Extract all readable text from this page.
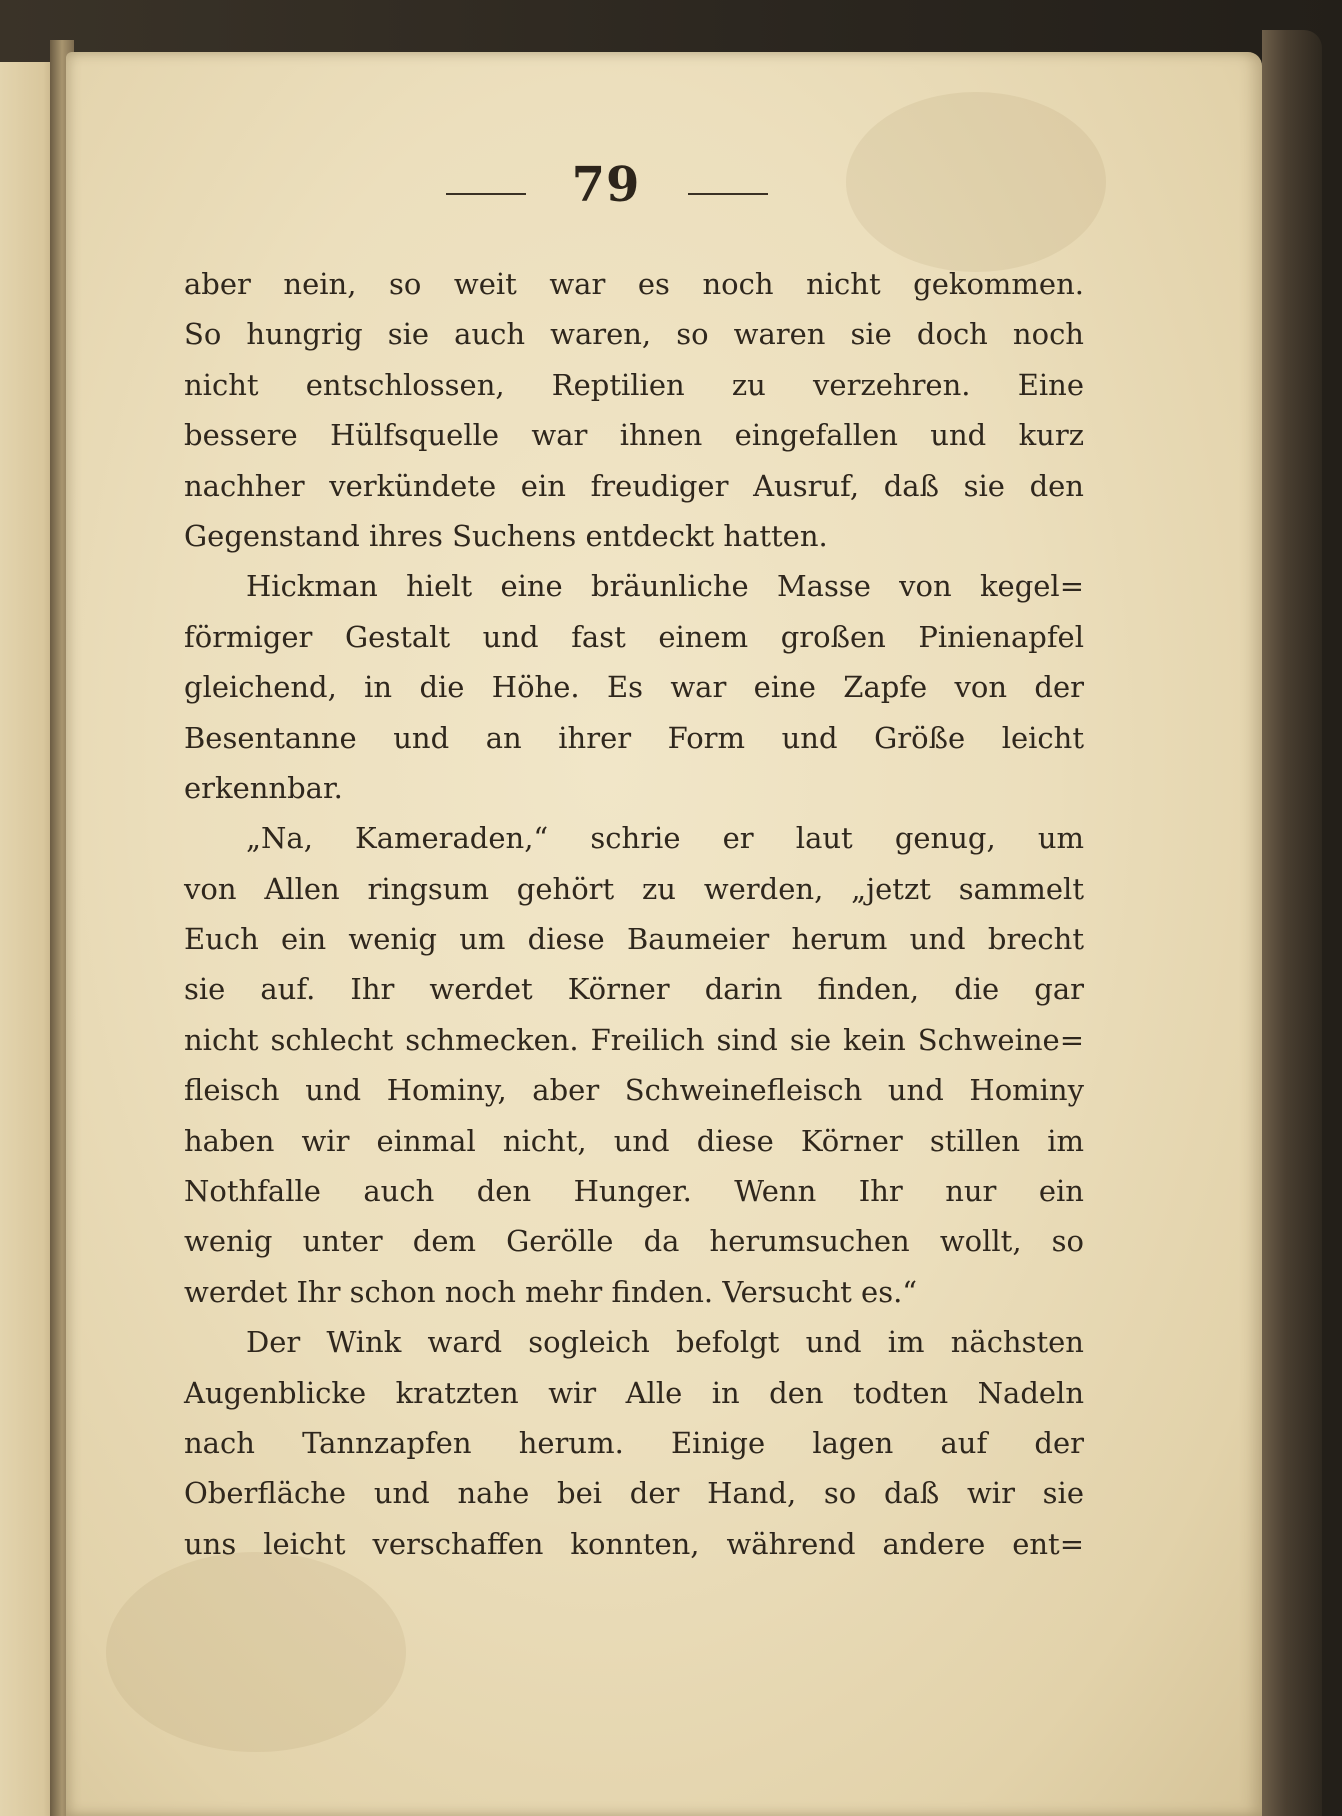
79
aber nein, so weit war es noch nicht gekommen.
So hungrig sie auch waren, so waren sie doch noch
nicht entschlossen, Reptilien zu verzehren. Eine
bessere Hülfsquelle war ihnen eingefallen und kurz
nachher verkündete ein freudiger Ausruf, daß sie den
Gegenstand ihres Suchens entdeckt hatten.
Hickman hielt eine bräunliche Masse von kegel=
förmiger Gestalt und fast einem großen Pinienapfel
gleichend, in die Höhe. Es war eine Zapfe von der
Besentanne und an ihrer Form und Größe leicht
erkennbar.
„Na, Kameraden,“ schrie er laut genug, um
von Allen ringsum gehört zu werden, „jetzt sammelt
Euch ein wenig um diese Baumeier herum und brecht
sie auf. Ihr werdet Körner darin finden, die gar
nicht schlecht schmecken. Freilich sind sie kein Schweine=
fleisch und Hominy, aber Schweinefleisch und Hominy
haben wir einmal nicht, und diese Körner stillen im
Nothfalle auch den Hunger. Wenn Ihr nur ein
wenig unter dem Gerölle da herumsuchen wollt, so
werdet Ihr schon noch mehr finden. Versucht es.“
Der Wink ward sogleich befolgt und im nächsten
Augenblicke kratzten wir Alle in den todten Nadeln
nach Tannzapfen herum. Einige lagen auf der
Oberfläche und nahe bei der Hand, so daß wir sie
uns leicht verschaffen konnten, während andere ent=
